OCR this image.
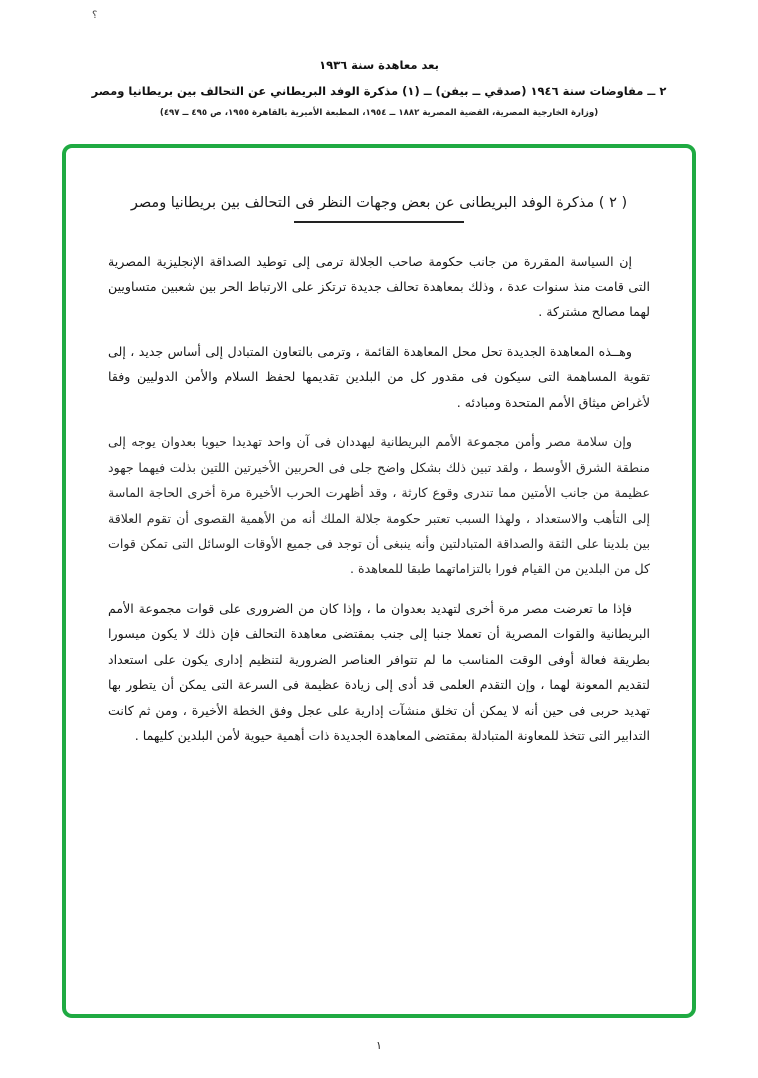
؟
بعد معاهدة سنة ١٩٣٦
٢ ــ مفاوضات سنة ١٩٤٦ (صدقي ــ بيفن) ــ (١) مذكرة الوفد البريطاني عن التحالف بين بريطانيا ومصر
(وزارة الخارجية المصرية، القضية المصرية ١٨٨٢ ــ ١٩٥٤، المطبعة الأميرية بالقاهرة ١٩٥٥، ص ٤٩٥ ــ ٤٩٧)
( ٢ ) مذكرة الوفد البريطانى عن بعض وجهات النظر فى التحالف بين بريطانيا ومصر

إن السياسة المقررة من جانب حكومة صاحب الجلالة ترمى إلى توطيد الصداقة الإنجليزية المصرية التى قامت منذ سنوات عدة ، وذلك بمعاهدة تحالف جديدة ترتكز على الارتباط الحر بين شعبين متساويين لهما مصالح مشتركة .

وهــذه المعاهدة الجديدة تحل محل المعاهدة القائمة ، وترمى بالتعاون المتبادل إلى أساس جديد ، إلى تقوية المساهمة التى سيكون فى مقدور كل من البلدين تقديمها لحفظ السلام والأمن الدوليين وفقا لأغراض ميثاق الأمم المتحدة ومبادئه .

وإن سلامة مصر وأمن مجموعة الأمم البريطانية ليهددان فى آن واحد تهديدا حيويا بعدوان يوجه إلى منطقة الشرق الأوسط ، ولقد تبين ذلك بشكل واضح جلى فى الحربين الأخيرتين اللتين بذلت فيهما جهود عظيمة من جانب الأمتين مما تندرى وقوع كارثة ، وقد أظهرت الحرب الأخيرة مرة أخرى الحاجة الماسة إلى التأهب والاستعداد ، ولهذا السبب تعتبر حكومة جلالة الملك أنه من الأهمية القصوى أن تقوم العلاقة بين بلدينا على الثقة والصداقة المتبادلتين وأنه ينبغى أن توجد فى جميع الأوقات الوسائل التى تمكن قوات كل من البلدين من القيام فورا بالتزاماتهما طبقا للمعاهدة .

فإذا ما تعرضت مصر مرة أخرى لتهديد بعدوان ما ، وإذا كان من الضرورى على قوات مجموعة الأمم البريطانية والقوات المصرية أن تعملا جنبا إلى جنب بمقتضى معاهدة التحالف فإن ذلك لا يكون ميسورا بطريقة فعالة أوفى الوقت المناسب ما لم تتوافر العناصر الضرورية لتنظيم إدارى يكون على استعداد لتقديم المعونة لهما ، وإن التقدم العلمى قد أدى إلى زيادة عظيمة فى السرعة التى يمكن أن يتطور بها تهديد حربى فى حين أنه لا يمكن أن تخلق منشآت إدارية على عجل وفق الخطة الأخيرة ، ومن ثم كانت التدابير التى تتخذ للمعاونة المتبادلة بمقتضى المعاهدة الجديدة ذات أهمية حيوية لأمن البلدين كليهما .

١
